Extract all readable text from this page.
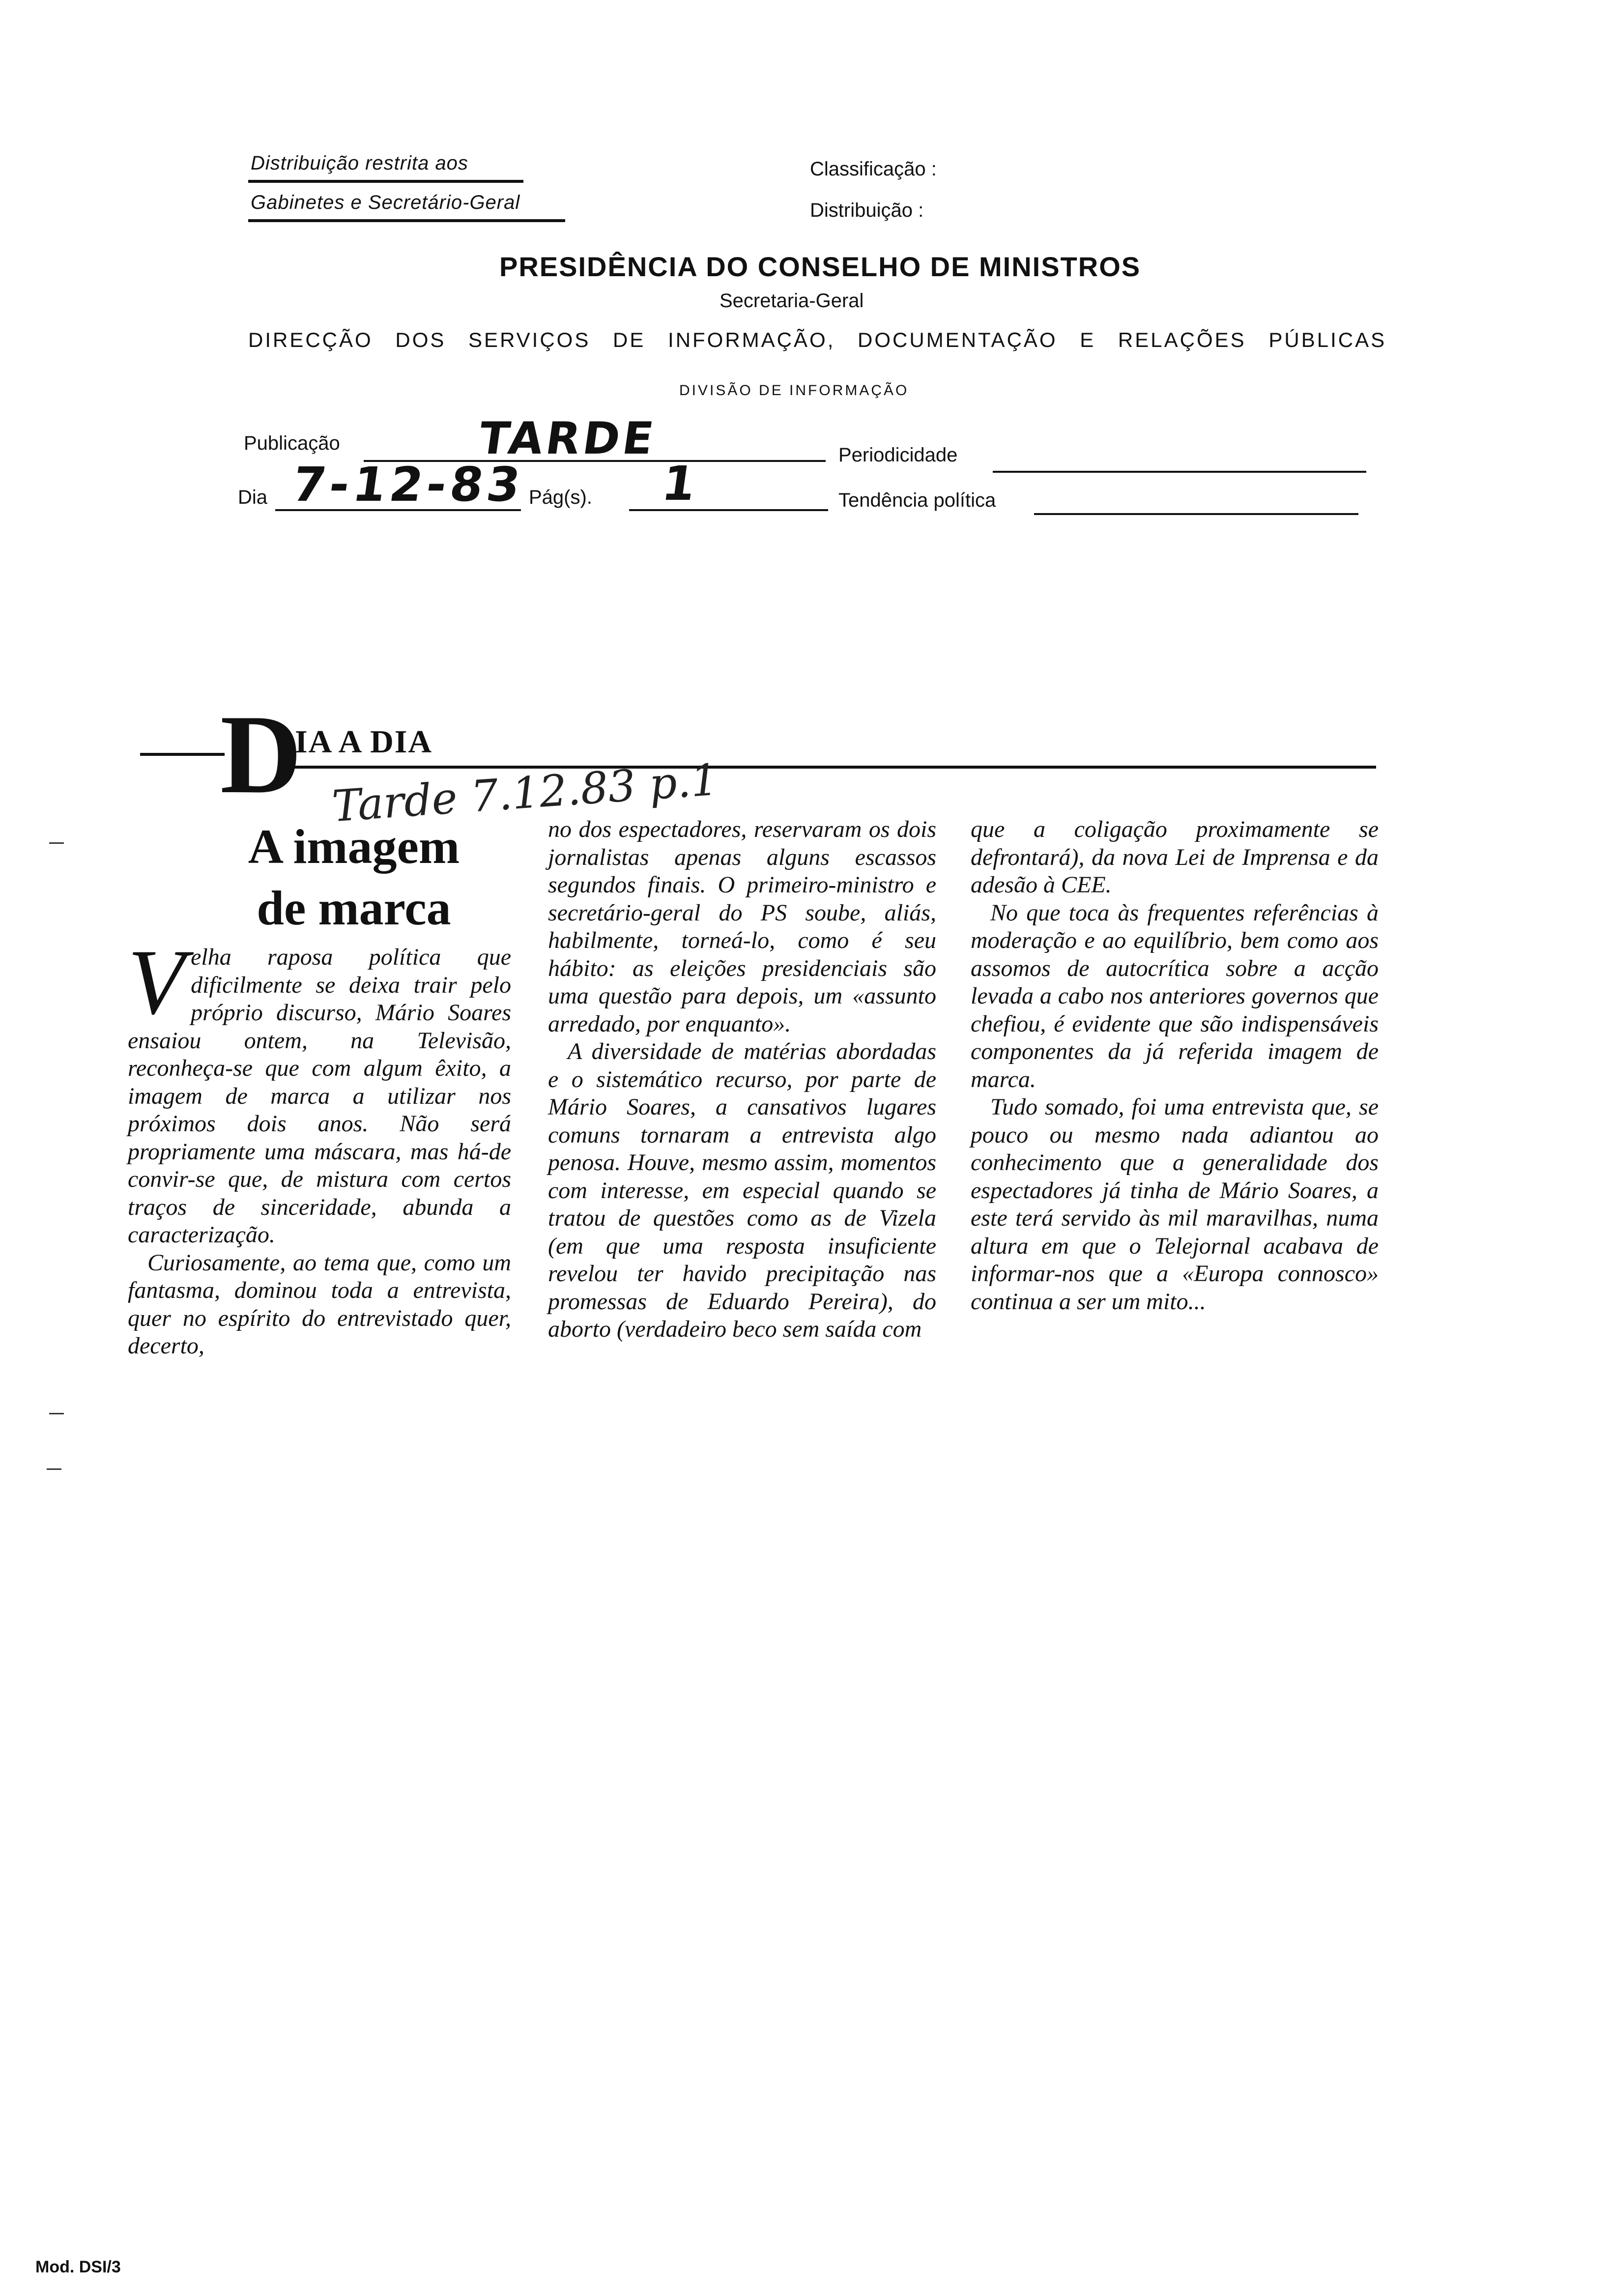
Distribuição restrita aos
Gabinetes e Secretário-Geral
Classificação :
Distribuição :
PRESIDÊNCIA DO CONSELHO DE MINISTROS
Secretaria-Geral
DIRECÇÃO DOS SERVIÇOS DE INFORMAÇÃO, DOCUMENTAÇÃO E RELAÇÕES PÚBLICAS
DIVISÃO DE INFORMAÇÃO
Publicação	TARDE	Periodicidade
Dia 7-12-83 Pág(s). 1	Tendência política
D
IA A DIA
Tarde 7.12.83 p.1
A imagem
de marca

Velha raposa política que dificilmente se deixa trair pelo próprio discurso, Mário Soares ensaiou ontem, na Televisão, reconheça-se que com algum êxito, a imagem de marca a utilizar nos próximos dois anos. Não será propriamente uma máscara, mas há-de convir-se que, de mistura com certos traços de sinceridade, abunda a caracterização.

Curiosamente, ao tema que, como um fantasma, dominou toda a entrevista, quer no espírito do entrevistado quer, decerto,

no dos espectadores, reservaram os dois jornalistas apenas alguns escassos segundos finais. O primeiro-ministro e secretário-geral do PS soube, aliás, habilmente, torneá-lo, como é seu hábito: as eleições presidenciais são uma questão para depois, um «assunto arredado, por enquanto».

A diversidade de matérias abordadas e o sistemático recurso, por parte de Mário Soares, a cansativos lugares comuns tornaram a entrevista algo penosa. Houve, mesmo assim, momentos com interesse, em especial quando se tratou de questões como as de Vizela (em que uma resposta insuficiente revelou ter havido precipitação nas promessas de Eduardo Pereira), do aborto (verdadeiro beco sem saída com

que a coligação proximamente se defrontará), da nova Lei de Imprensa e da adesão à CEE.

No que toca às frequentes referências à moderação e ao equilíbrio, bem como aos assomos de autocrítica sobre a acção levada a cabo nos anteriores governos que chefiou, é evidente que são indispensáveis componentes da já referida imagem de marca.

Tudo somado, foi uma entrevista que, se pouco ou mesmo nada adiantou ao conhecimento que a generalidade dos espectadores já tinha de Mário Soares, a este terá servido às mil maravilhas, numa altura em que o Telejornal acabava de informar-nos que a «Europa connosco» continua a ser um mito...

Mod. DSI/3
